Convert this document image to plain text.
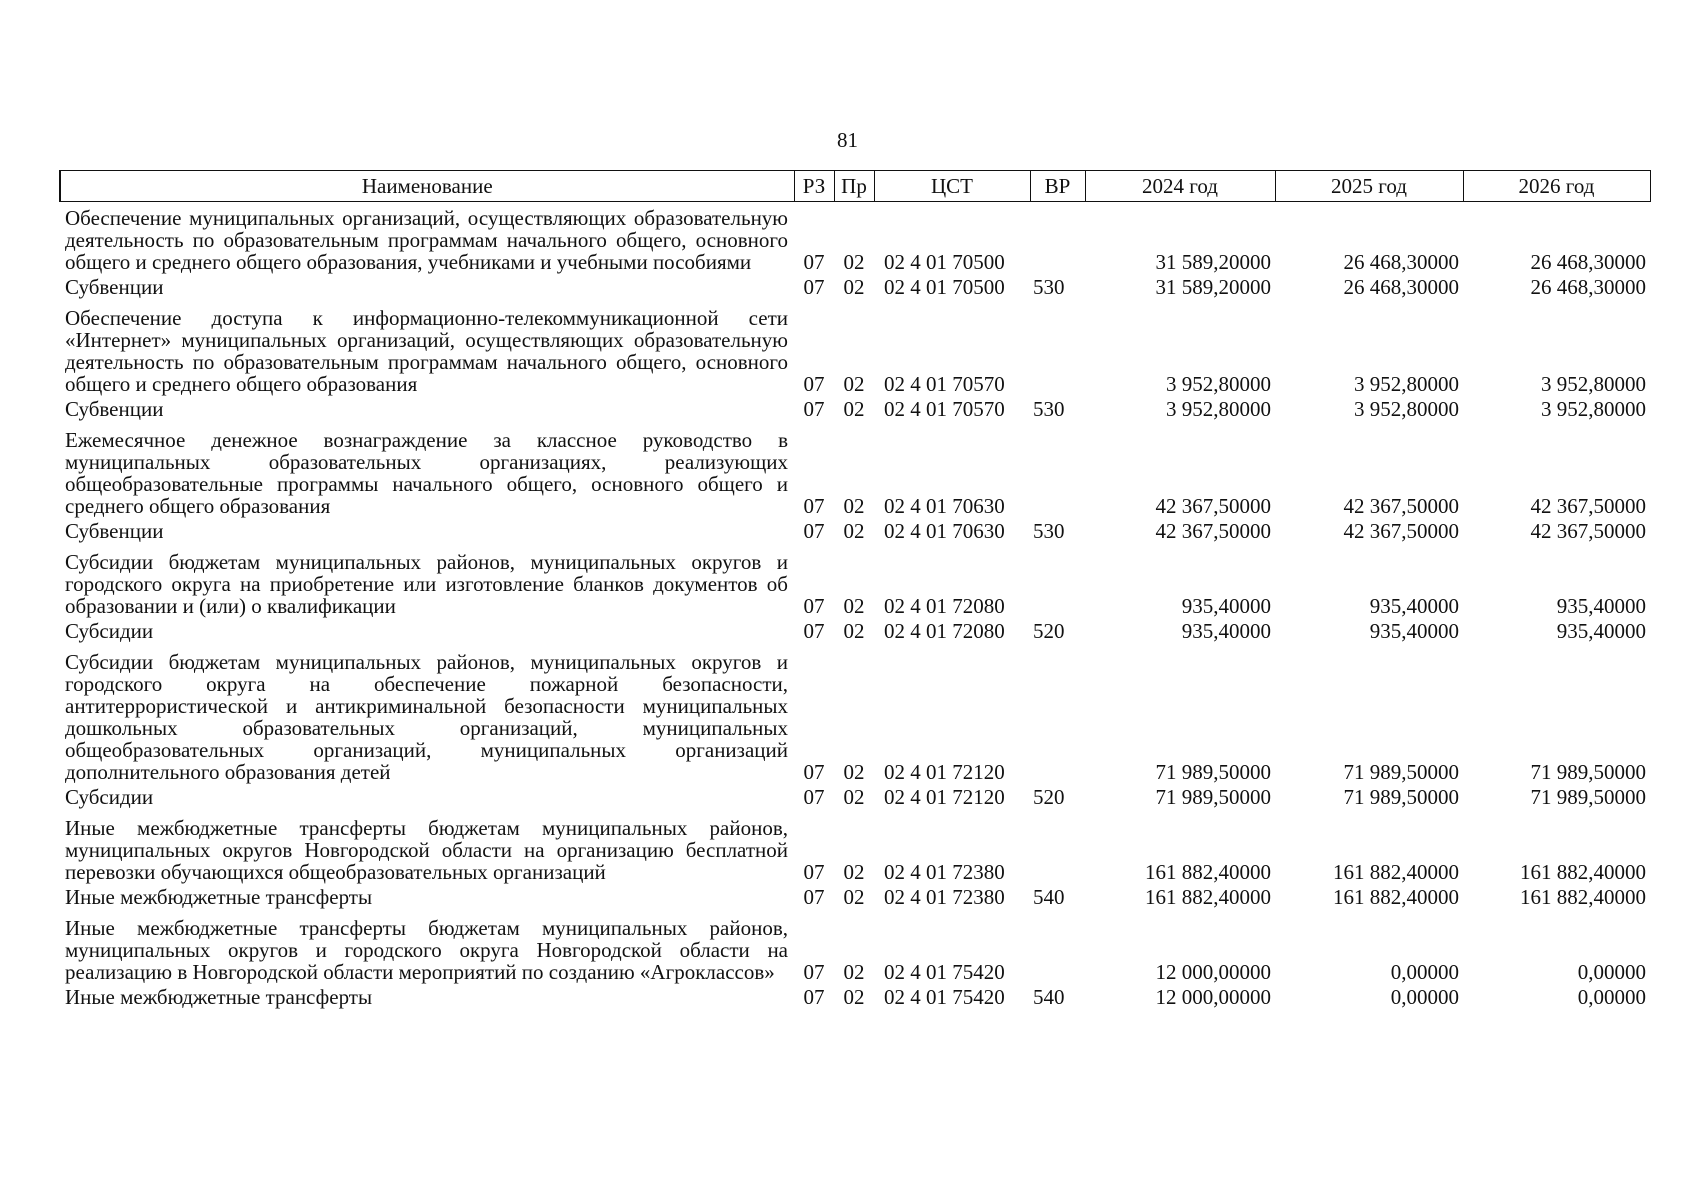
81
Наименование	РЗ	Пр	ЦСТ	ВР	2024 год	2025 год	2026 год
Обеспечение муниципальных организаций, осуществляющих образовательную деятельность по образовательным программам начального общего, основного общего и среднего общего образования, учебниками и учебными пособиями	07	02	02 4 01 70500		31 589,20000	26 468,30000	26 468,30000
Субвенции	07	02	02 4 01 70500	530	31 589,20000	26 468,30000	26 468,30000
Обеспечение доступа к информационно-телекоммуникационной сети «Интернет» муниципальных организаций, осуществляющих образовательную деятельность по образовательным программам начального общего, основного общего и среднего общего образования	07	02	02 4 01 70570		3 952,80000	3 952,80000	3 952,80000
Субвенции	07	02	02 4 01 70570	530	3 952,80000	3 952,80000	3 952,80000
Ежемесячное денежное вознаграждение за классное руководство в муниципальных образовательных организациях, реализующих общеобразовательные программы начального общего, основного общего и среднего общего образования	07	02	02 4 01 70630		42 367,50000	42 367,50000	42 367,50000
Субвенции	07	02	02 4 01 70630	530	42 367,50000	42 367,50000	42 367,50000
Субсидии бюджетам муниципальных районов, муниципальных округов и городского округа на приобретение или изготовление бланков документов об образовании и (или) о квалификации	07	02	02 4 01 72080		935,40000	935,40000	935,40000
Субсидии	07	02	02 4 01 72080	520	935,40000	935,40000	935,40000
Субсидии бюджетам муниципальных районов, муниципальных округов и городского округа на обеспечение пожарной безопасности, антитеррористической и антикриминальной безопасности муниципальных дошкольных образовательных организаций, муниципальных общеобразовательных организаций, муниципальных организаций дополнительного образования детей	07	02	02 4 01 72120		71 989,50000	71 989,50000	71 989,50000
Субсидии	07	02	02 4 01 72120	520	71 989,50000	71 989,50000	71 989,50000
Иные межбюджетные трансферты бюджетам муниципальных районов, муниципальных округов Новгородской области на организацию бесплатной перевозки обучающихся общеобразовательных организаций	07	02	02 4 01 72380		161 882,40000	161 882,40000	161 882,40000
Иные межбюджетные трансферты	07	02	02 4 01 72380	540	161 882,40000	161 882,40000	161 882,40000
Иные межбюджетные трансферты бюджетам муниципальных районов, муниципальных округов и городского округа Новгородской области на реализацию в Новгородской области мероприятий по созданию «Агроклассов»	07	02	02 4 01 75420		12 000,00000	0,00000	0,00000
Иные межбюджетные трансферты	07	02	02 4 01 75420	540	12 000,00000	0,00000	0,00000
